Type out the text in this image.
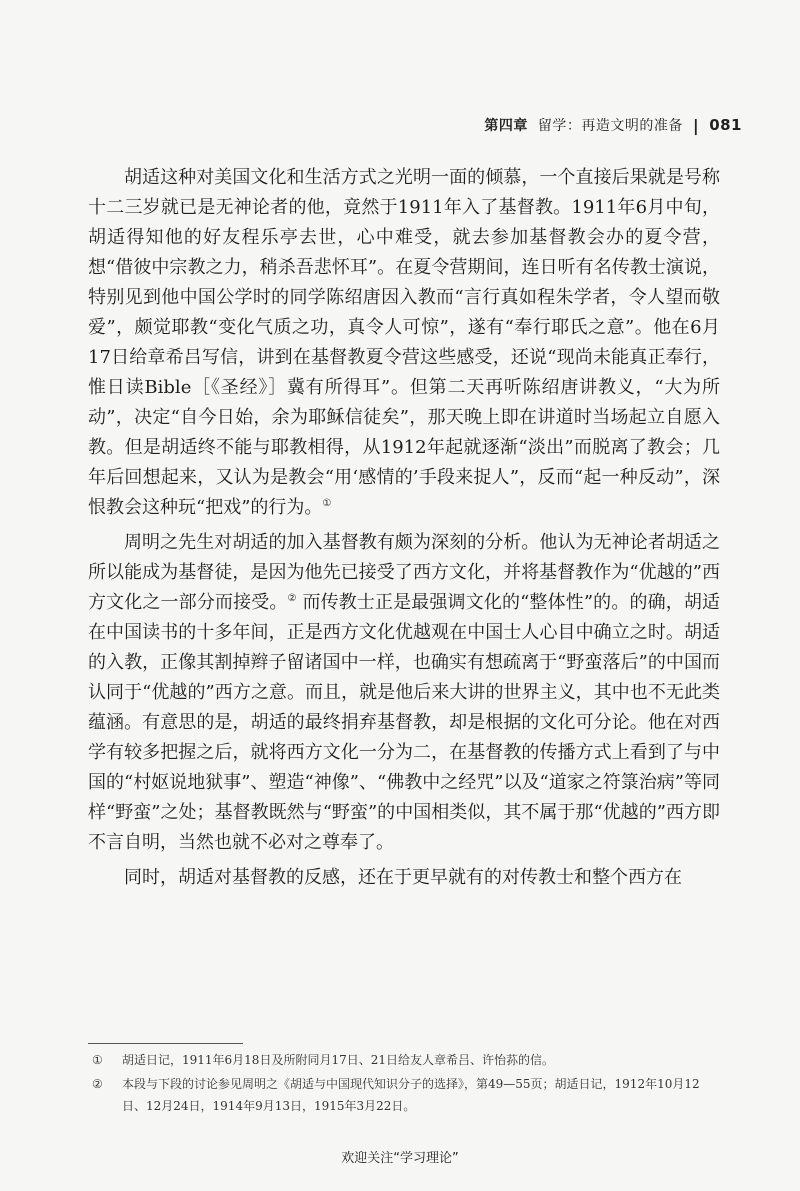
第四章 留学：再造文明的准备 | 081

胡适这种对美国文化和生活方式之光明一面的倾慕，一个直接后果就是号称十二三岁就已是无神论者的他，竟然于1911年入了基督教。1911年6月中旬，胡适得知他的好友程乐亭去世，心中难受，就去参加基督教会办的夏令营，想“借彼中宗教之力，稍杀吾悲怀耳”。在夏令营期间，连日听有名传教士演说，特别见到他中国公学时的同学陈绍唐因入教而“言行真如程朱学者，令人望而敬爱”，颇觉耶教“变化气质之功，真令人可惊”，遂有“奉行耶氏之意”。他在6月17日给章希吕写信，讲到在基督教夏令营这些感受，还说“现尚未能真正奉行，惟日读Bible［《圣经》］冀有所得耳”。但第二天再听陈绍唐讲教义，“大为所动”，决定“自今日始，余为耶稣信徒矣”，那天晚上即在讲道时当场起立自愿入教。但是胡适终不能与耶教相得，从1912年起就逐渐“淡出”而脱离了教会；几年后回想起来，又认为是教会“用‘感情的’手段来捉人”，反而“起一种反动”，深恨教会这种玩“把戏”的行为。①

周明之先生对胡适的加入基督教有颇为深刻的分析。他认为无神论者胡适之所以能成为基督徒，是因为他先已接受了西方文化，并将基督教作为“优越的”西方文化之一部分而接受。② 而传教士正是最强调文化的“整体性”的。的确，胡适在中国读书的十多年间，正是西方文化优越观在中国士人心目中确立之时。胡适的入教，正像其割掉辫子留诸国中一样，也确实有想疏离于“野蛮落后”的中国而认同于“优越的”西方之意。而且，就是他后来大讲的世界主义，其中也不无此类蕴涵。有意思的是，胡适的最终捐弃基督教，却是根据的文化可分论。他在对西学有较多把握之后，就将西方文化一分为二，在基督教的传播方式上看到了与中国的“村妪说地狱事”、塑造“神像”、“佛教中之经咒”以及“道家之符箓治病”等同样“野蛮”之处；基督教既然与“野蛮”的中国相类似，其不属于那“优越的”西方即不言自明，当然也就不必对之尊奉了。

同时，胡适对基督教的反感，还在于更早就有的对传教士和整个西方在

①	胡适日记，1911年6月18日及所附同月17日、21日给友人章希吕、许怡荪的信。
②	本段与下段的讨论参见周明之《胡适与中国现代知识分子的选择》，第49—55页；胡适日记，1912年10月12日、12月24日，1914年9月13日，1915年3月22日。
欢迎关注“学习理论”
